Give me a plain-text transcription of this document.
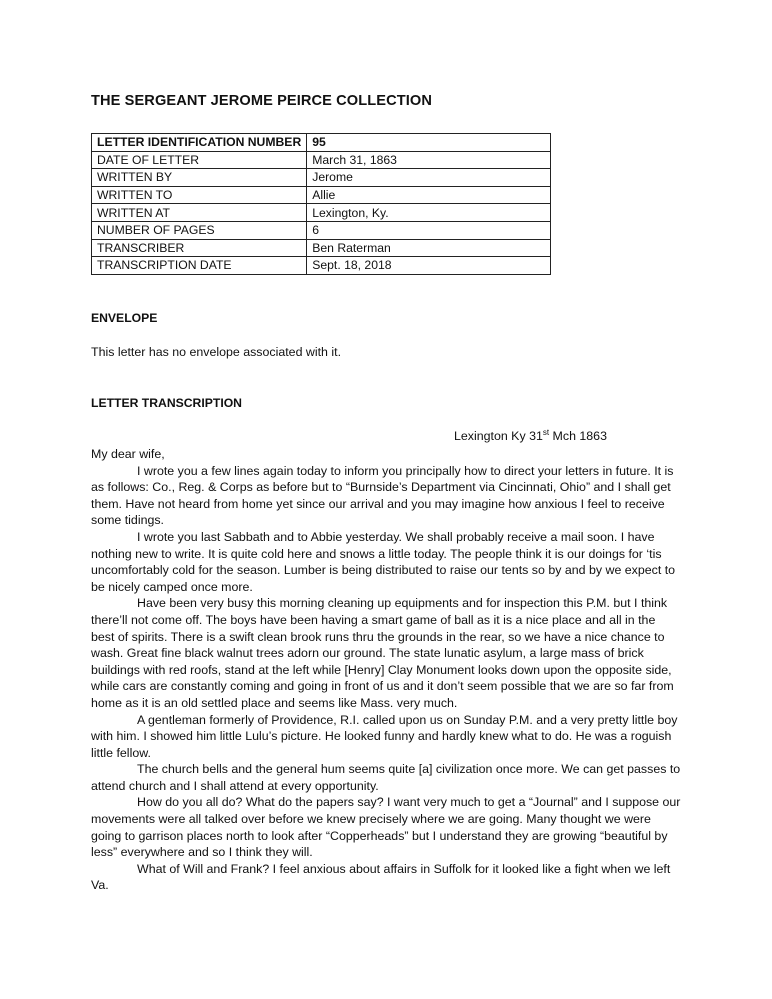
THE SERGEANT JEROME PEIRCE COLLECTION
LETTER IDENTIFICATION NUMBER	95
DATE OF LETTER	March 31, 1863
WRITTEN BY	Jerome
WRITTEN TO	Allie
WRITTEN AT	Lexington, Ky.
NUMBER OF PAGES	6
TRANSCRIBER	Ben Raterman
TRANSCRIPTION DATE	Sept. 18, 2018
ENVELOPE
This letter has no envelope associated with it.
LETTER TRANSCRIPTION
Lexington Ky 31st Mch 1863

My dear wife,

I wrote you a few lines again today to inform you principally how to direct your letters in future. It is as follows: Co., Reg. & Corps as before but to “Burnside’s Department via Cincinnati, Ohio” and I shall get them. Have not heard from home yet since our arrival and you may imagine how anxious I feel to receive some tidings.

I wrote you last Sabbath and to Abbie yesterday. We shall probably receive a mail soon. I have nothing new to write. It is quite cold here and snows a little today. The people think it is our doings for ‘tis uncomfortably cold for the season. Lumber is being distributed to raise our tents so by and by we expect to be nicely camped once more.

Have been very busy this morning cleaning up equipments and for inspection this P.M. but I think there’ll not come off. The boys have been having a smart game of ball as it is a nice place and all in the best of spirits. There is a swift clean brook runs thru the grounds in the rear, so we have a nice chance to wash. Great fine black walnut trees adorn our ground. The state lunatic asylum, a large mass of brick buildings with red roofs, stand at the left while [Henry] Clay Monument looks down upon the opposite side, while cars are constantly coming and going in front of us and it don’t seem possible that we are so far from home as it is an old settled place and seems like Mass. very much.

A gentleman formerly of Providence, R.I. called upon us on Sunday P.M. and a very pretty little boy with him. I showed him little Lulu’s picture. He looked funny and hardly knew what to do. He was a roguish little fellow.

The church bells and the general hum seems quite [a] civilization once more. We can get passes to attend church and I shall attend at every opportunity.

How do you all do? What do the papers say? I want very much to get a “Journal” and I suppose our movements were all talked over before we knew precisely where we are going. Many thought we were going to garrison places north to look after “Copperheads” but I understand they are growing “beautiful by less” everywhere and so I think they will.

What of Will and Frank? I feel anxious about affairs in Suffolk for it looked like a fight when we left Va.
